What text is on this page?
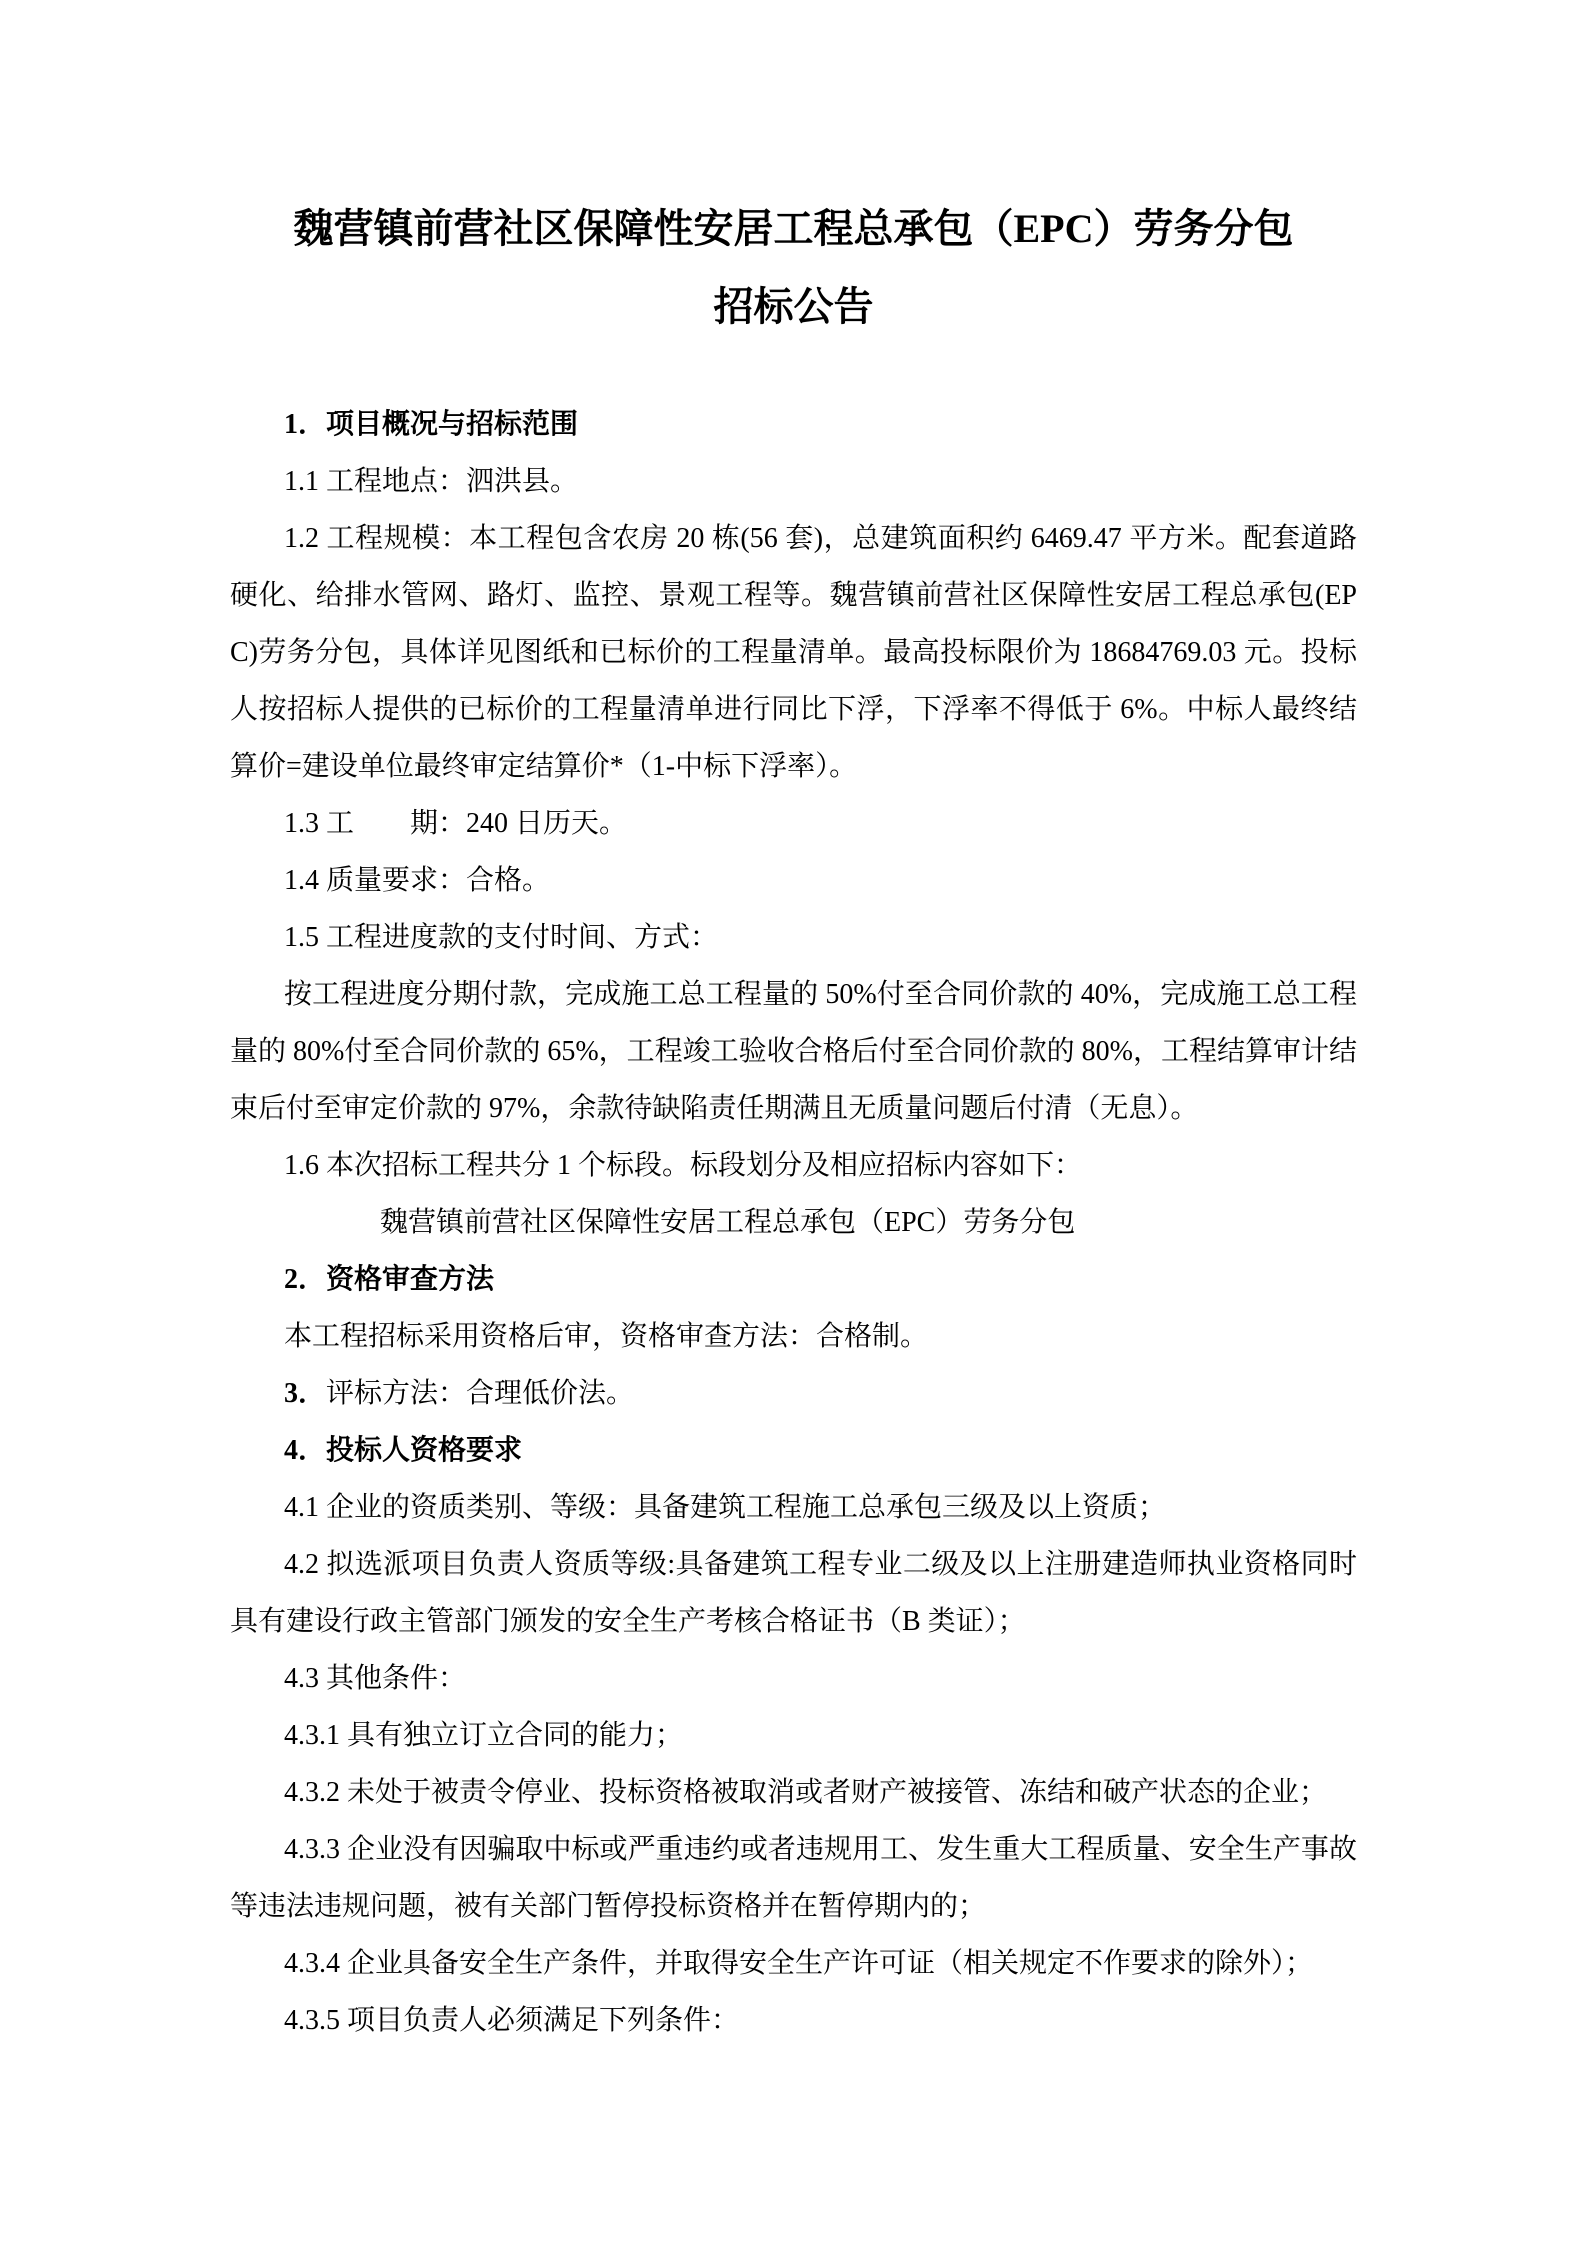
魏营镇前营社区保障性安居工程总承包（EPC）劳务分包
招标公告

1．项目概况与招标范围

1.1 工程地点：泗洪县。

1.2 工程规模：本工程包含农房 20 栋(56 套)，总建筑面积约 6469.47 平方米。配套道路硬化、给排水管网、路灯、监控、景观工程等。魏营镇前营社区保障性安居工程总承包(EPC)劳务分包，具体详见图纸和已标价的工程量清单。最高投标限价为 18684769.03 元。投标人按招标人提供的已标价的工程量清单进行同比下浮，下浮率不得低于 6%。中标人最终结算价=建设单位最终审定结算价*（1-中标下浮率）。

1.3 工　　期：240 日历天。

1.4 质量要求：合格。

1.5 工程进度款的支付时间、方式：

按工程进度分期付款，完成施工总工程量的 50%付至合同价款的 40%，完成施工总工程量的 80%付至合同价款的 65%，工程竣工验收合格后付至合同价款的 80%，工程结算审计结束后付至审定价款的 97%，余款待缺陷责任期满且无质量问题后付清（无息）。

1.6 本次招标工程共分 1 个标段。标段划分及相应招标内容如下：

魏营镇前营社区保障性安居工程总承包（EPC）劳务分包

2．资格审查方法

本工程招标采用资格后审，资格审查方法：合格制。

3．评标方法：合理低价法。

4．投标人资格要求

4.1 企业的资质类别、等级：具备建筑工程施工总承包三级及以上资质；

4.2 拟选派项目负责人资质等级:具备建筑工程专业二级及以上注册建造师执业资格同时具有建设行政主管部门颁发的安全生产考核合格证书（B 类证）；

4.3 其他条件：

4.3.1 具有独立订立合同的能力；

4.3.2 未处于被责令停业、投标资格被取消或者财产被接管、冻结和破产状态的企业；

4.3.3 企业没有因骗取中标或严重违约或者违规用工、发生重大工程质量、安全生产事故等违法违规问题，被有关部门暂停投标资格并在暂停期内的；

4.3.4 企业具备安全生产条件，并取得安全生产许可证（相关规定不作要求的除外）；

4.3.5 项目负责人必须满足下列条件：
